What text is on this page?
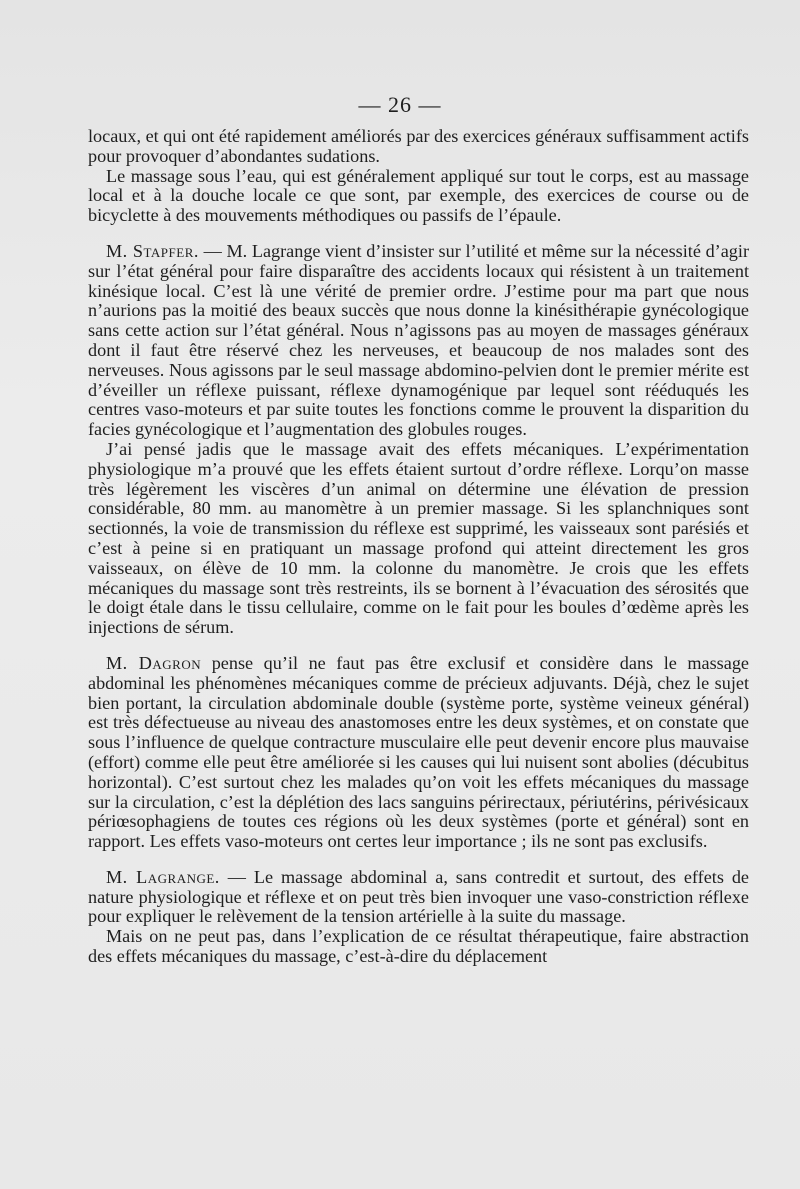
— 26 —

locaux, et qui ont été rapidement améliorés par des exercices généraux suffisamment actifs pour provoquer d’abondantes sudations.

Le massage sous l’eau, qui est généralement appliqué sur tout le corps, est au massage local et à la douche locale ce que sont, par exemple, des exercices de course ou de bicyclette à des mouvements méthodiques ou passifs de l’épaule.

M. Stapfer. — M. Lagrange vient d’insister sur l’utilité et même sur la nécessité d’agir sur l’état général pour faire disparaître des accidents locaux qui résistent à un traitement kinésique local. C’est là une vérité de premier ordre. J’estime pour ma part que nous n’aurions pas la moitié des beaux succès que nous donne la kinésithérapie gynécologique sans cette action sur l’état général. Nous n’agissons pas au moyen de massages généraux dont il faut être réservé chez les nerveuses, et beaucoup de nos malades sont des nerveuses. Nous agissons par le seul massage abdomino-pelvien dont le premier mérite est d’éveiller un réflexe puissant, réflexe dynamogénique par lequel sont rééduqués les centres vaso-moteurs et par suite toutes les fonctions comme le prouvent la disparition du facies gynécologique et l’augmentation des globules rouges.

J’ai pensé jadis que le massage avait des effets mécaniques. L’expérimentation physiologique m’a prouvé que les effets étaient surtout d’ordre réflexe. Lorqu’on masse très légèrement les viscères d’un animal on détermine une élévation de pression considérable, 80 mm. au manomètre à un premier massage. Si les splanchniques sont sectionnés, la voie de transmission du réflexe est supprimé, les vaisseaux sont parésiés et c’est à peine si en pratiquant un massage profond qui atteint directement les gros vaisseaux, on élève de 10 mm. la colonne du manomètre. Je crois que les effets mécaniques du massage sont très restreints, ils se bornent à l’évacuation des sérosités que le doigt étale dans le tissu cellulaire, comme on le fait pour les boules d’œdème après les injections de sérum.

M. Dagron pense qu’il ne faut pas être exclusif et considère dans le massage abdominal les phénomènes mécaniques comme de précieux adjuvants. Déjà, chez le sujet bien portant, la circulation abdominale double (système porte, système veineux général) est très défectueuse au niveau des anastomoses entre les deux systèmes, et on constate que sous l’influence de quelque contracture musculaire elle peut devenir encore plus mauvaise (effort) comme elle peut être améliorée si les causes qui lui nuisent sont abolies (décubitus horizontal). C’est surtout chez les malades qu’on voit les effets mécaniques du massage sur la circulation, c’est la déplétion des lacs sanguins périrectaux, périutérins, périvésicaux périœsophagiens de toutes ces régions où les deux systèmes (porte et général) sont en rapport. Les effets vaso-moteurs ont certes leur importance ; ils ne sont pas exclusifs.

M. Lagrange. — Le massage abdominal a, sans contredit et surtout, des effets de nature physiologique et réflexe et on peut très bien invoquer une vaso-constriction réflexe pour expliquer le relèvement de la tension artérielle à la suite du massage.

Mais on ne peut pas, dans l’explication de ce résultat thérapeutique, faire abstraction des effets mécaniques du massage, c’est-à-dire du déplacement
